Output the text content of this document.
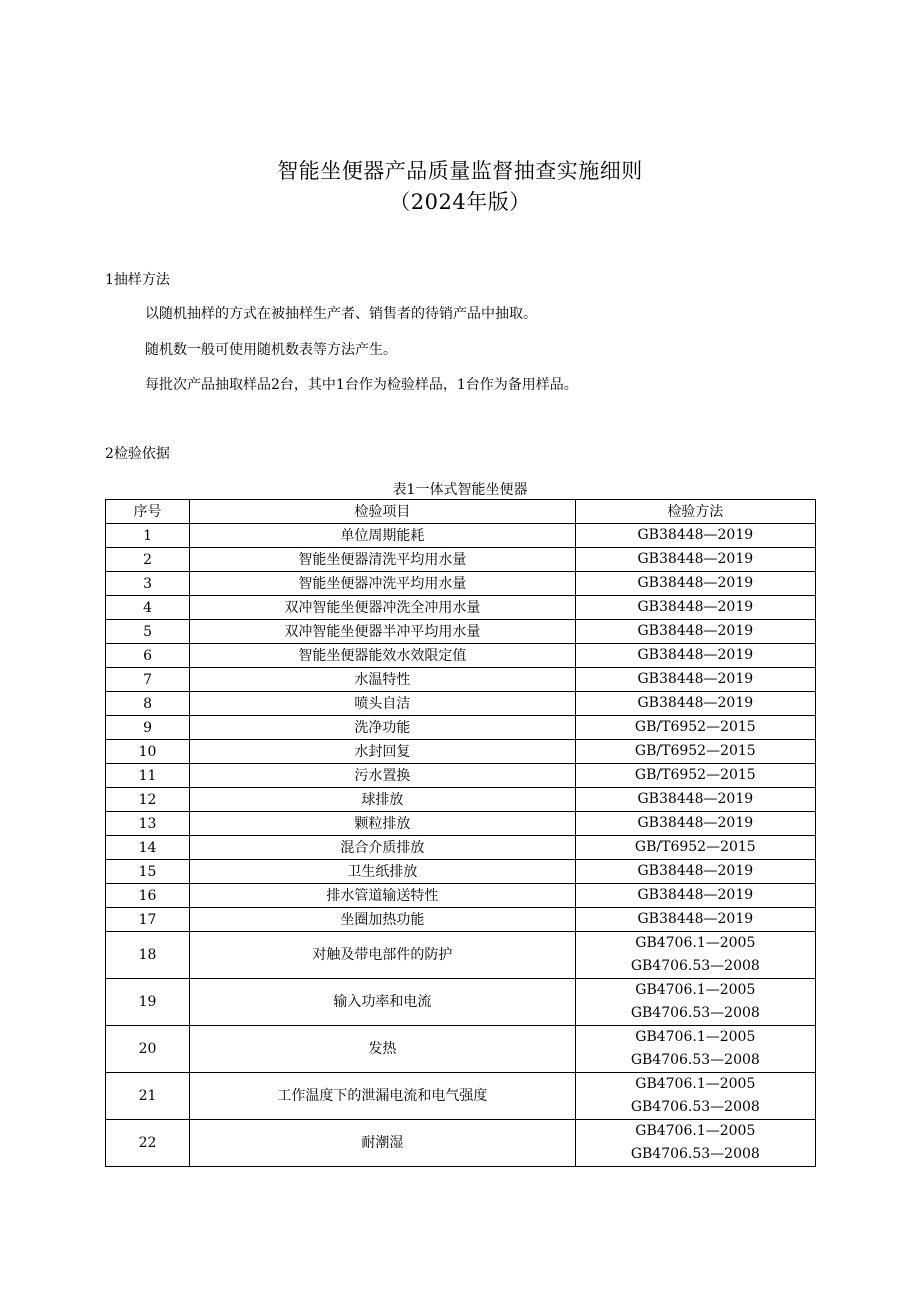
智能坐便器产品质量监督抽查实施细则
（2024年版）
1抽样方法
以随机抽样的方式在被抽样生产者、销售者的待销产品中抽取。
随机数一般可使用随机数表等方法产生。
每批次产品抽取样品2台，其中1台作为检验样品，1台作为备用样品。
2检验依据
表1一体式智能坐便器
序号	检验项目	检验方法
1	单位周期能耗	GB38448—2019

2	智能坐便器清洗平均用水量	GB38448—2019

3	智能坐便器冲洗平均用水量	GB38448—2019

4	双冲智能坐便器冲洗全冲用水量	GB38448—2019

5	双冲智能坐便器半冲平均用水量	GB38448—2019

6	智能坐便器能效水效限定值	GB38448—2019

7	水温特性	GB38448—2019

8	喷头自洁	GB38448—2019

9	洗净功能	GB/T6952—2015

10	水封回复	GB/T6952—2015

11	污水置换	GB/T6952—2015

12	球排放	GB38448—2019

13	颗粒排放	GB38448—2019

14	混合介质排放	GB/T6952—2015

15	卫生纸排放	GB38448—2019

16	排水管道输送特性	GB38448—2019

17	坐圈加热功能	GB38448—2019

18	对触及带电部件的防护	GB4706.1—2005
GB4706.53—2008

19	输入功率和电流	GB4706.1—2005
GB4706.53—2008

20	发热	GB4706.1—2005
GB4706.53—2008

21	工作温度下的泄漏电流和电气强度	GB4706.1—2005
GB4706.53—2008

22	耐潮湿	GB4706.1—2005
GB4706.53—2008
